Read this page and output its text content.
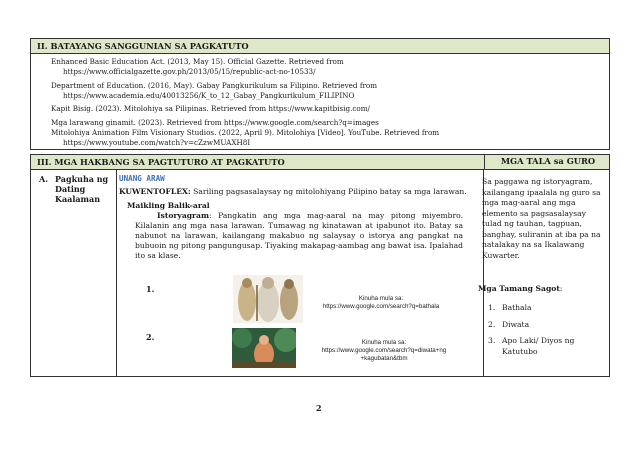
II. BATAYANG SANGGUNIAN SA PAGKATUTO
Enhanced Basic Education Act. (2013, May 15). Official Gazette. Retrieved from
https://www.officialgazette.gov.ph/2013/05/15/republic-act-no-10533/
Department of Education. (2016, May). Gabay Pangkurikulum sa Filipino. Retrieved from
https://www.academia.edu/40013256/K_to_12_Gabay_Pangkurikulum_FILIPINO
Kapit Bisig. (2023). Mitolohiya sa Pilipinas. Retrieved from https://www.kapitbisig.com/
Mga larawang ginamit. (2023). Retrieved from https://www.google.com/search?q=images
Mitolohiya Animation Film Visionary Studios. (2022, April 9). Mitolohiya [Video]. YouTube. Retrieved from
https://www.youtube.com/watch?v=cZzwMUAXH8I
III. MGA HAKBANG SA PAGTUTURO AT PAGKATUTO	MGA TALA sa GURO
A. Pagkuha ng Dating Kaalaman
UNANG ARAW
KUWENTOFLEX: Sariling pagsasalaysay ng mitolohiyang Pilipino batay sa mga larawan.
Maikling Balik-aral
Istoryagram: Pangkatin ang mga mag-aaral na may pitong miyembro. Kilalanin ang mga nasa larawan. Tumawag ng kinatawan at ipabunot ito. Batay sa nabunot na larawan, kailangang makabuo ng salaysay o istorya ang pangkat na bubuoin ng pitong pangungusap. Tiyaking makapag-aambag ang bawat isa. Ipalahad ito sa klase.
1.
Kinuha mula sa:
https://www.google.com/search?q=bathala
2.
Kinuha mula sa:
https://www.google.com/search?q=diwata+ng
+kagubatan&tbm
Sa paggawa ng istoryagram, kailangang ipaalala ng guro sa mga mag-aaral ang mga elemento sa pagsasalaysay tulad ng tauhan, tagpuan, banghay, suliranin at iba pa na natalakay na sa Ikalawang Kuwarter.
Mga Tamang Sagot:
1. Bathala
2. Diwata
3. Apo Laki/ Diyos ng Katutubo
2
